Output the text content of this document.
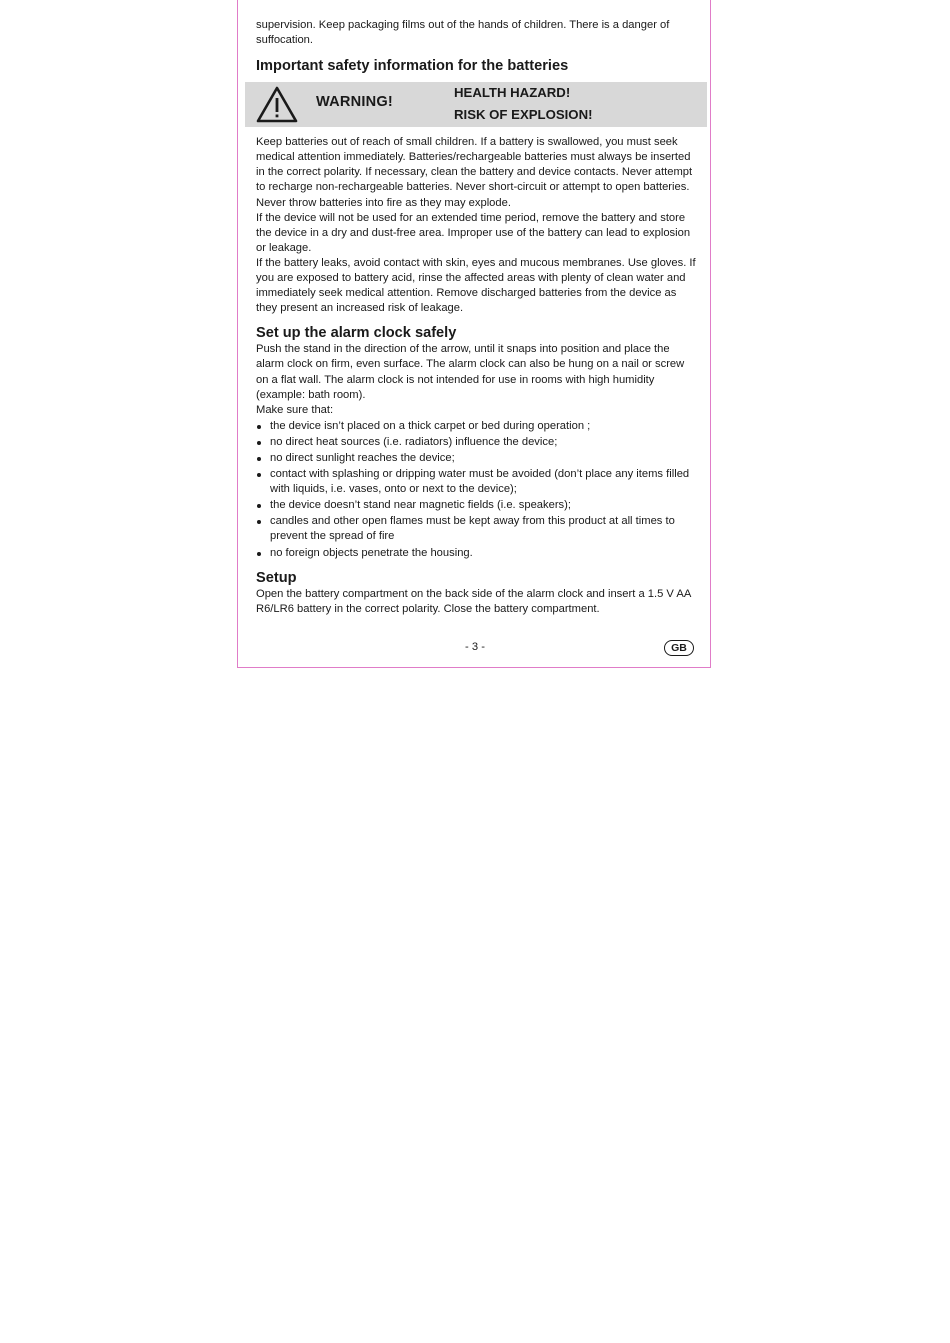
supervision. Keep packaging films out of the hands of children. There is a danger of suffocation.

Important safety information for the batteries
WARNING!
HEALTH HAZARD!
RISK OF EXPLOSION!

Keep batteries out of reach of small children. If a battery is swallowed, you must seek medical attention immediately. Batteries/rechargeable batteries must always be inserted in the correct polarity. If necessary, clean the battery and device contacts. Never attempt to recharge non-rechargeable batteries. Never short-circuit or attempt to open batteries. Never throw batteries into fire as they may explode.

If the device will not be used for an extended time period, remove the battery and store the device in a dry and dust-free area. Improper use of the battery can lead to explosion or leakage.

If the battery leaks, avoid contact with skin, eyes and mucous membranes. Use gloves. If you are exposed to battery acid, rinse the affected areas with plenty of clean water and immediately seek medical attention. Remove discharged batteries from the device as they present an increased risk of leakage.

Set up the alarm clock safely

Push the stand in the direction of the arrow, until it snaps into position and place the alarm clock on firm, even surface. The alarm clock can also be hung on a nail or screw on a flat wall. The alarm clock is not intended for use in rooms with high humidity (example: bath room).

Make sure that:

the device isn’t placed on a thick carpet or bed during operation ;
no direct heat sources (i.e. radiators) influence the device;
no direct sunlight reaches the device;
contact with splashing or dripping water must be avoided (don’t place any items filled with liquids, i.e. vases, onto or next to the device);
the device doesn’t stand near magnetic fields (i.e. speakers);
candles and other open flames must be kept away from this product at all times to prevent the spread of fire
no foreign objects penetrate the housing.
Setup

Open the battery compartment on the back side of the alarm clock and insert a 1.5 V AA R6/LR6 battery in the correct polarity. Close the battery compartment.

- 3 -	GB
